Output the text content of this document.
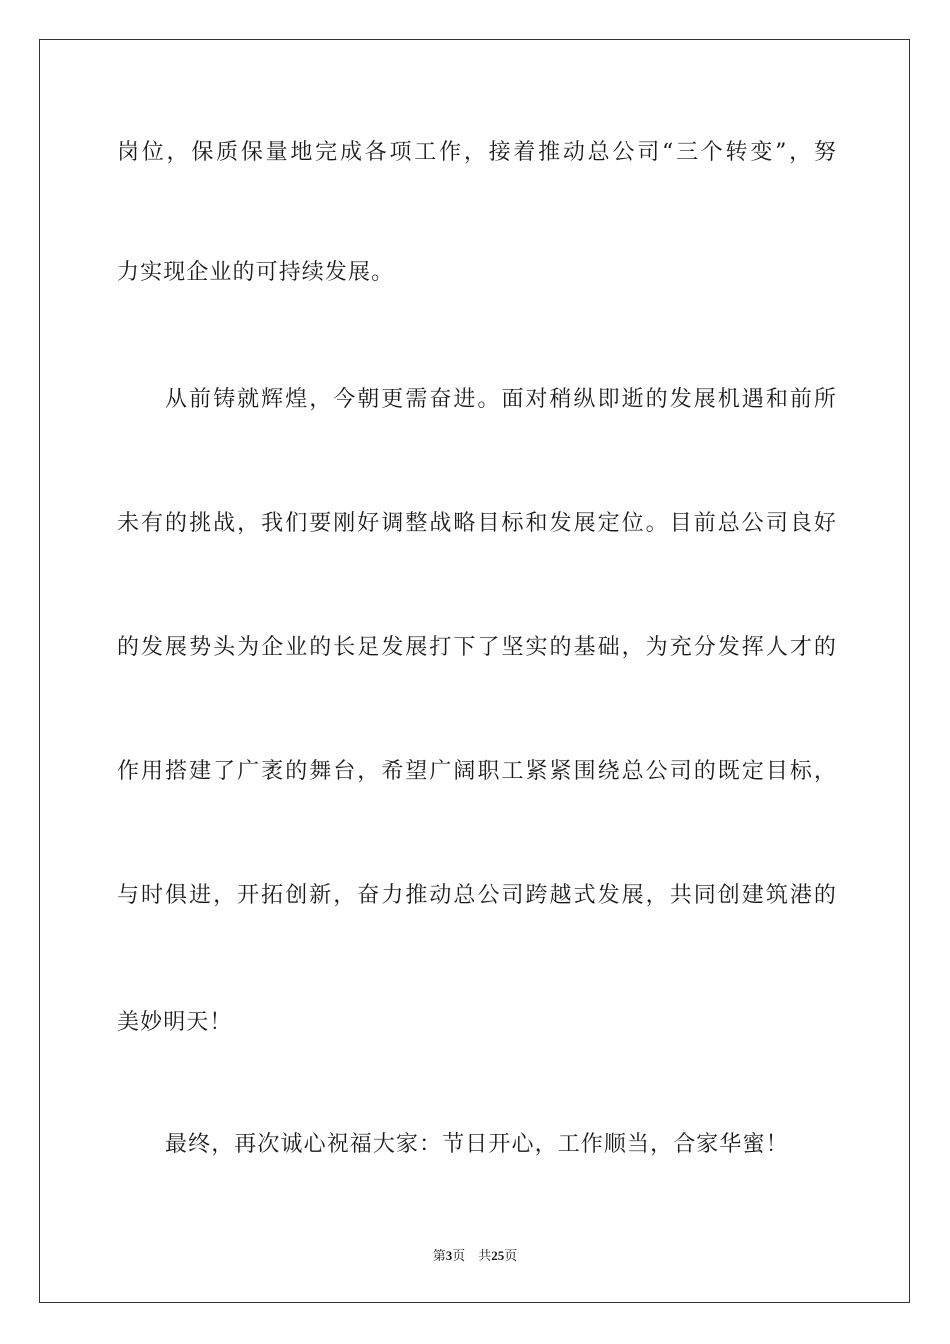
岗位，保质保量地完成各项工作，接着推动总公司“三个转变”，努
力实现企业的可持续发展。
从前铸就辉煌，今朝更需奋进。面对稍纵即逝的发展机遇和前所
未有的挑战，我们要刚好调整战略目标和发展定位。目前总公司良好
的发展势头为企业的长足发展打下了坚实的基础，为充分发挥人才的
作用搭建了广袤的舞台，希望广阔职工紧紧围绕总公司的既定目标，
与时俱进，开拓创新，奋力推动总公司跨越式发展，共同创建筑港的
美妙明天！
最终，再次诚心祝福大家：节日开心，工作顺当，合家华蜜！
第3页 共25页
